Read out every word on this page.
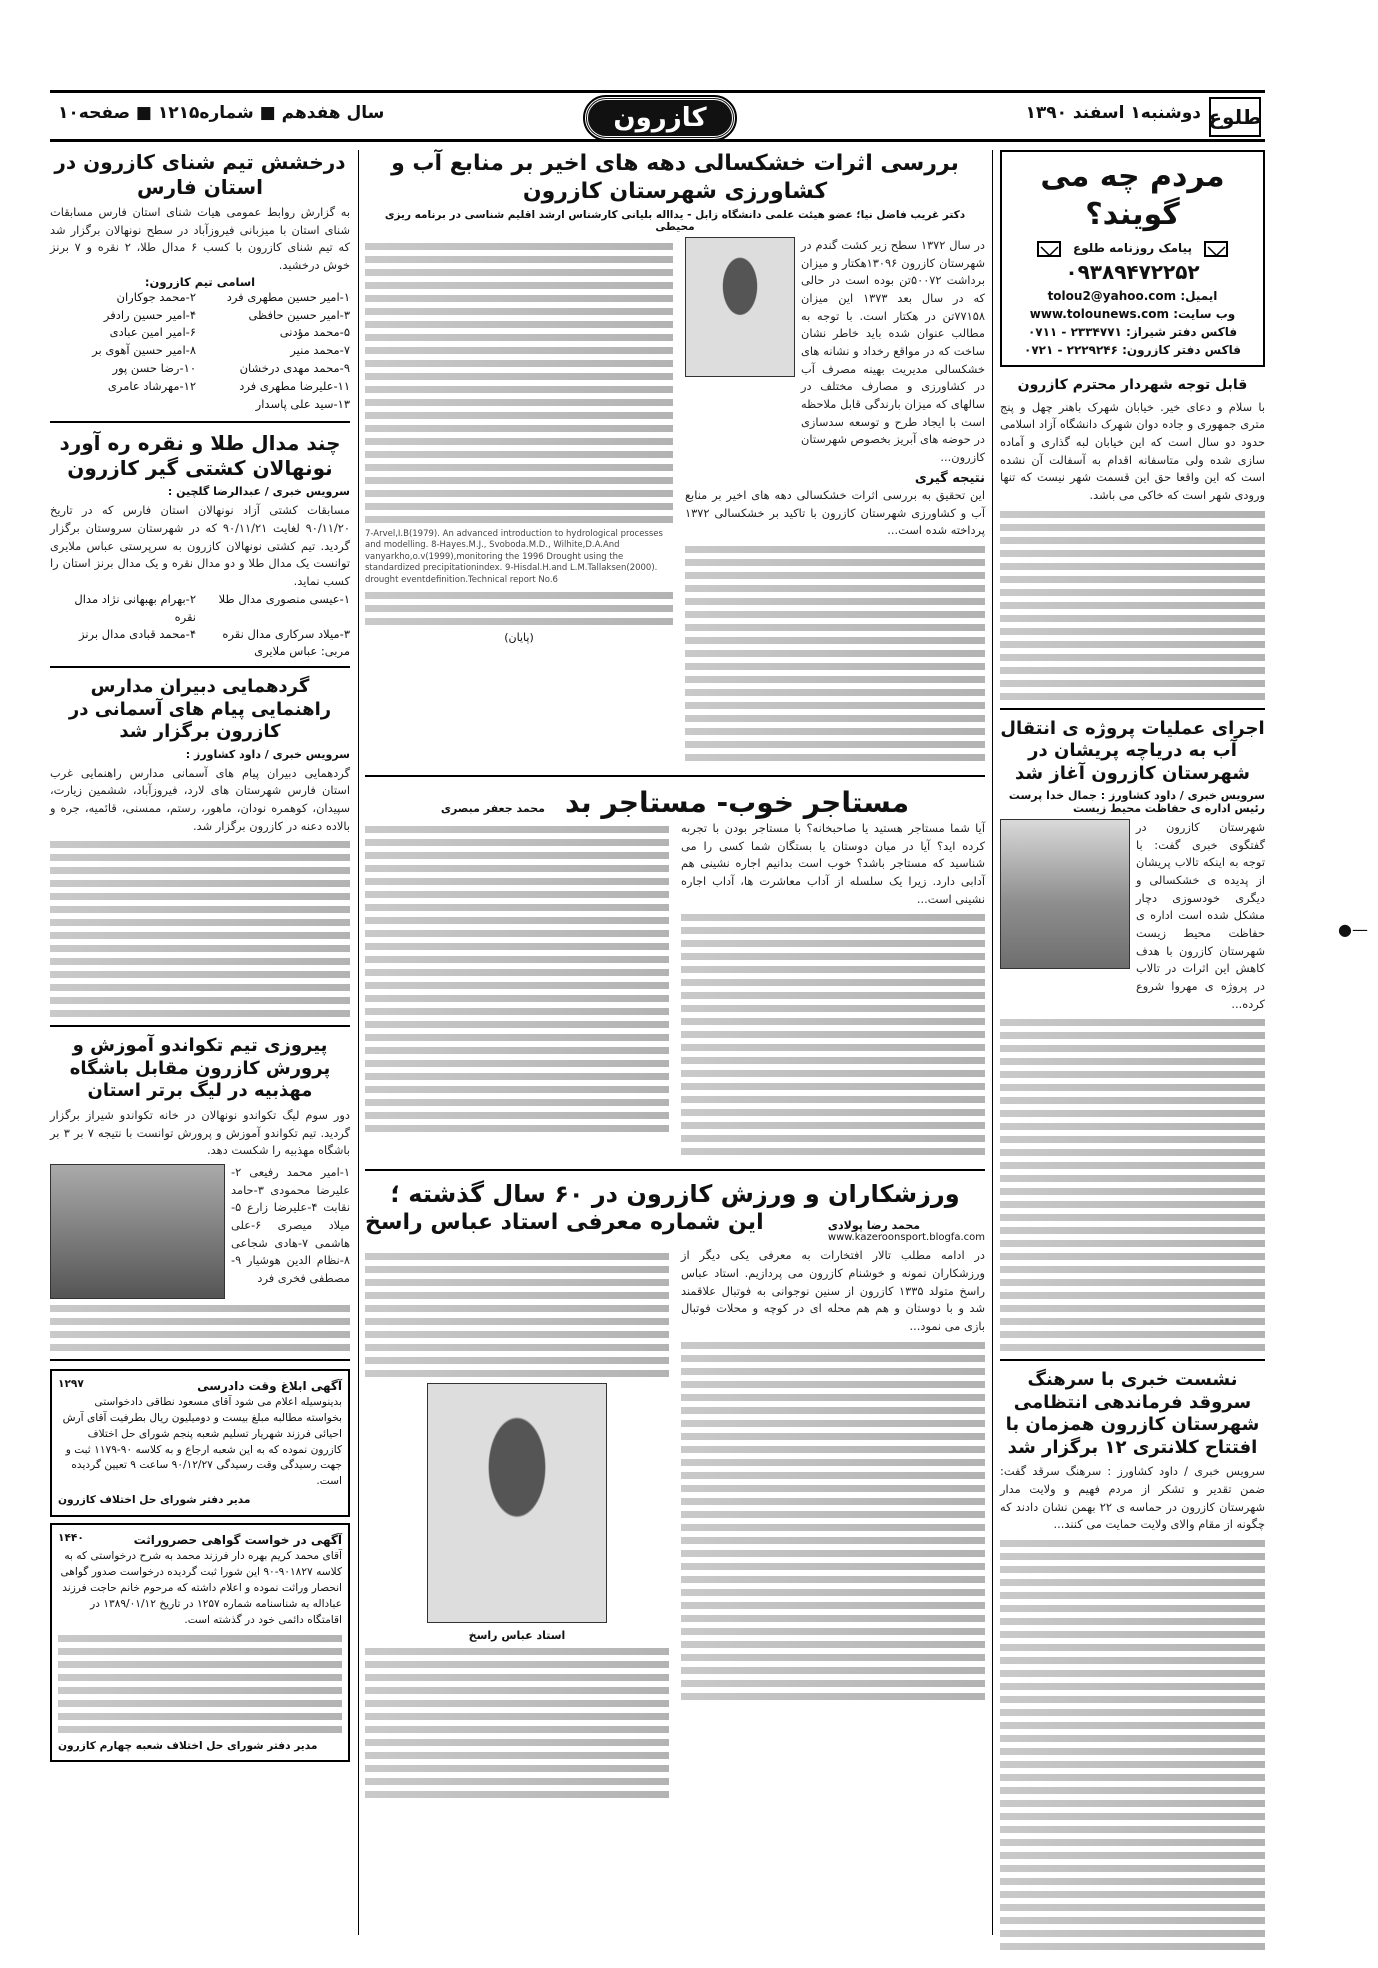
طلوع
دوشنبه۱ اسفند ۱۳۹۰
کازرون
سال هفدهم ■ شماره۱۲۱۵ ■ صفحه۱۰
مردم چه می گویند؟
پیامک روزنامه طلوع
۰۹۳۸۹۴۷۲۲۵۲
ایمیل: tolou2@yahoo.com
وب سایت: www.tolounews.com
فاکس دفتر شیراز: ۲۳۳۴۷۷۱ - ۰۷۱۱
فاکس دفتر کازرون: ۲۲۲۹۲۴۶ - ۰۷۲۱
قابل توجه شهردار محترم کازرون
با سلام و دعای خیر. خیابان شهرک باهنر چهل و پنج متری جمهوری و جاده دوان شهرک دانشگاه آزاد اسلامی حدود دو سال است که این خیابان لبه گذاری و آماده سازی شده ولی متاسفانه اقدام به آسفالت آن نشده است که این واقعا حق این قسمت شهر نیست که تنها ورودی شهر است که خاکی می باشد.
اجرای عملیات پروژه ی انتقال آب به دریاچه پریشان در شهرستان کازرون آغاز شد
سرویس خبری / داود کشاورز : جمال خدا پرست رئیس اداره ی حفاظت محیط زیست
شهرستان کازرون در گفتگوی خبری گفت: با توجه به اینکه تالاب پریشان از پدیده ی خشکسالی و دیگری خودسوزی دچار مشکل شده است اداره ی حفاظت محیط زیست شهرستان کازرون با هدف کاهش این اثرات در تالاب در پروژه ی مهروا شروع کرده...
نشست خبری با سرهنگ سروقد فرماندهی انتظامی شهرستان کازرون همزمان با افتتاح کلانتری ۱۲ برگزار شد
سرویس خبری / داود کشاورز : سرهنگ سرقد گفت: ضمن تقدیر و تشکر از مردم فهیم و ولایت مدار شهرستان کازرون در حماسه ی ۲۲ بهمن نشان دادند که چگونه از مقام والای ولایت حمایت می کنند...
بررسی اثرات خشکسالی دهه های اخیر بر منابع آب و کشاورزی شهرستان کازرون
دکتر غریب فاضل نیا؛ عضو هیئت علمی دانشگاه زابل - یدااله بلیانی کارشناس ارشد اقلیم شناسی در برنامه ریزی محیطی
در سال ۱۳۷۲ سطح زیر کشت گندم در شهرستان کازرون ۱۳۰۹۶هکتار و میزان برداشت ۵۰۰۷۲تن بوده است در حالی که در سال بعد ۱۳۷۳ این میزان ۷۷۱۵۸تن در هکتار است. با توجه به مطالب عنوان شده باید خاطر نشان ساخت که در مواقع رخداد و نشانه های خشکسالی مدیریت بهینه مصرف آب در کشاورزی و مصارف مختلف در سالهای که میزان بارندگی قابل ملاحظه است با ایجاد طرح و توسعه سدسازی در حوضه های آبریز بخصوص شهرستان کازرون...
نتیجه گیری
این تحقیق به بررسی اثرات خشکسالی دهه های اخیر بر منابع آب و کشاورزی شهرستان کازرون با تاکید بر خشکسالی ۱۳۷۲ پرداخته شده است...
7-Arvel,I.B(1979). An advanced introduction to hydrological processes and modelling. 8-Hayes.M.J., Svoboda.M.D., Wilhite,D.A.And vanyarkho,o.v(1999),monitoring the 1996 Drought using the standardized precipitationindex. 9-Hisdal.H.and L.M.Tallaksen(2000). drought eventdefinition.Technical report No.6
(پایان)
مستاجر خوب- مستاجر بد
محمد جعفر مبصری
آیا شما مستاجر هستید یا صاحبخانه؟ با مستاجر بودن با تجربه کرده اید؟ آیا در میان دوستان یا بستگان شما کسی را می شناسید که مستاجر باشد؟ خوب است بدانیم اجاره نشینی هم آدابی دارد. زیرا یک سلسله از آداب معاشرت ها، آداب اجاره نشینی است...
ورزشکاران و ورزش کازرون در ۶۰ سال گذشته ؛
محمد رضا پولادی
www.kazeroonsport.blogfa.com
این شماره معرفی استاد عباس راسخ
در ادامه مطلب تالار افتخارات به معرفی یکی دیگر از ورزشکاران نمونه و خوشنام کازرون می پردازیم. استاد عباس راسخ متولد ۱۳۳۵ کازرون از سنین نوجوانی به فوتبال علاقمند شد و با دوستان و هم هم محله ای در کوچه و محلات فوتبال بازی می نمود...
استاد عباس راسخ
درخشش تیم شنای کازرون در استان فارس
به گزارش روابط عمومی هیات شنای استان فارس مسابقات شنای استان با میزبانی فیروزآباد در سطح نونهالان برگزار شد که تیم شنای کازرون با کسب ۶ مدال طلا، ۲ نقره و ۷ برنز خوش درخشید.
اسامی تیم کازرون:
۱-امیر حسین مطهری فرد
۲-محمد جوکاران
۳-امیر حسین حافظی
۴-امیر حسین رادفر
۵-محمد مؤدنی
۶-امیر امین عبادی
۷-محمد منیر
۸-امیر حسین آهوی بر
۹-محمد مهدی درخشان
۱۰-رضا حسن پور
۱۱-علیرضا مطهری فرد
۱۲-مهرشاد عامری
۱۳-سید علی پاسدار
چند مدال طلا و نقره ره آورد نونهالان کشتی گیر کازرون
سرویس خبری / عبدالرضا گلچین :
مسابقات کشتی آزاد نونهالان استان فارس که در تاریخ ۹۰/۱۱/۲۰ لغایت ۹۰/۱۱/۲۱ که در شهرستان سروستان برگزار گردید. تیم کشتی نونهالان کازرون به سرپرستی عباس ملایری توانست یک مدال طلا و دو مدال نقره و یک مدال برنز استان را کسب نماید.
۱-عیسی منصوری مدال طلا
۲-بهرام بهبهانی نژاد مدال نقره
۳-میلاد سرکاری مدال نقره
۴-محمد قبادی مدال برنز
مربی: عباس ملایری
گردهمایی دبیران مدارس راهنمایی پیام های آسمانی در کازرون برگزار شد
سرویس خبری / داود کشاورز :
گردهمایی دبیران پیام های آسمانی مدارس راهنمایی غرب استان فارس شهرستان های لارد، فیروزآباد، ششمین زیارت، سپیدان، کوهمره نودان، ماهور، رستم، ممسنی، قائمیه، جره و بالاده دعنه در کازرون برگزار شد.
پیروزی تیم تکواندو آموزش و پرورش کازرون مقابل باشگاه مهذبیه در لیگ برتر استان
دور سوم لیگ تکواندو نونهالان در خانه تکواندو شیراز برگزار گردید. تیم تکواندو آموزش و پرورش توانست با نتیجه ۷ بر ۳ بر باشگاه مهذبیه را شکست دهد.
۱-امیر محمد رفیعی ۲-علیرضا محمودی ۳-حامد نقابت ۴-علیرضا زارع ۵-میلاد میصری ۶-علی هاشمی ۷-هادی شجاعی ۸-نظام الدین هوشیار ۹-مصطفی فخری فرد
آگهی ابلاغ وقت دادرسی
۱۲۹۷
بدینوسیله اعلام می شود آقای مسعود نطاقی دادخواستی بخواسته مطالبه مبلغ بیست و دومیلیون ریال بطرفیت آقای آرش احیائی فرزند شهریار تسلیم شعبه پنجم شورای حل اختلاف کازرون نموده که به این شعبه ارجاع و به کلاسه ۹۰-۱۱۷۹ ثبت و جهت رسیدگی وقت رسیدگی ۹۰/۱۲/۲۷ ساعت ۹ تعیین گردیده است.
مدیر دفتر شورای حل اختلاف کازرون
آگهی در خواست گواهی حصروراثت
۱۴۴۰
آقای محمد کریم بهره دار فرزند محمد به شرح درخواستی که به کلاسه ۹۰۱۸۲۷-۹۰ این شورا ثبت گردیده درخواست صدور گواهی انحصار وراثت نموده و اعلام داشته که مرحوم خانم حاجت فرزند عباداله به شناسنامه شماره ۱۲۵۷ در تاریخ ۱۳۸۹/۰۱/۱۲ در اقامتگاه دائمی خود در گذشته است.
مدیر دفتر شورای حل اختلاف شعبه چهارم کازرون
●—
